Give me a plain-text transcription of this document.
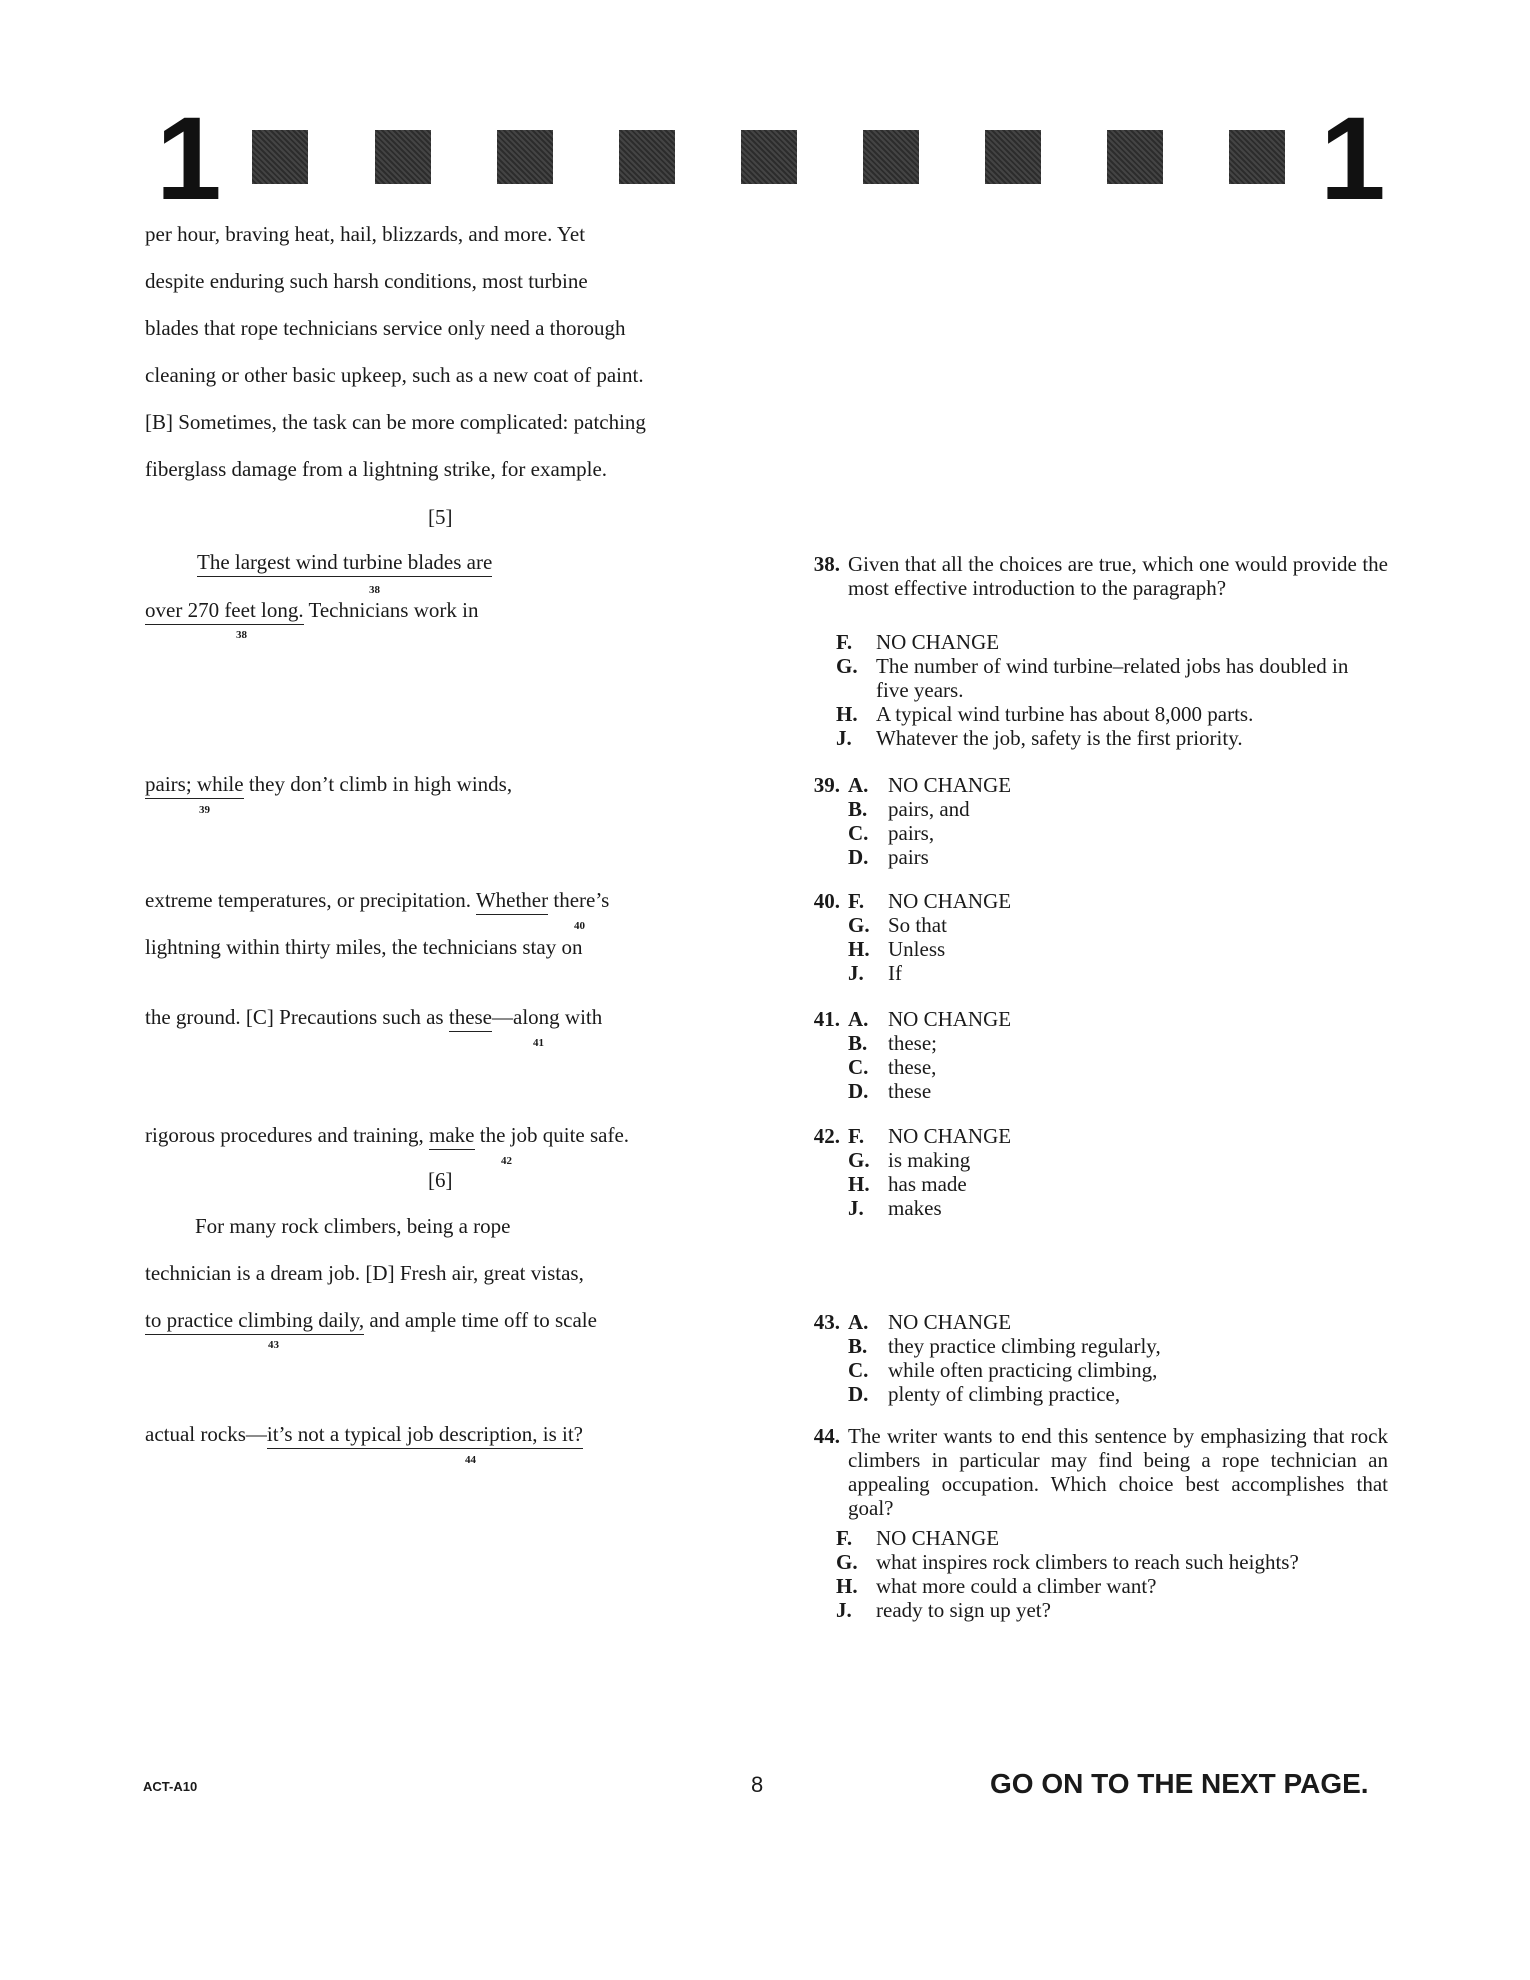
1	1
per hour, braving heat, hail, blizzards, and more. Yet
despite enduring such harsh conditions, most turbine
blades that rope technicians service only need a thorough
cleaning or other basic upkeep, such as a new coat of paint.
[B] Sometimes, the task can be more complicated: patching
fiberglass damage from a lightning strike, for example.
[5]
The largest wind turbine blades are
38
over 270 feet long. Technicians work in
38
pairs; while they don’t climb in high winds,
39
extreme temperatures, or precipitation. Whether there’s
40
lightning within thirty miles, the technicians stay on
the ground. [C] Precautions such as these—along with
41
rigorous procedures and training, make the job quite safe.
42
[6]
For many rock climbers, being a rope
technician is a dream job. [D] Fresh air, great vistas,
to practice climbing daily, and ample time off to scale
43
actual rocks—it’s not a typical job description, is it?
44
38. Given that all the choices are true, which one would provide the most effective introduction to the paragraph?
F. NO CHANGE
G. The number of wind turbine–related jobs has doubled in five years.
H. A typical wind turbine has about 8,000 parts.
J. Whatever the job, safety is the first priority.
39. A. NO CHANGE
B. pairs, and
C. pairs,
D. pairs
40. F. NO CHANGE
G. So that
H. Unless
J. If
41. A. NO CHANGE
B. these;
C. these,
D. these
42. F. NO CHANGE
G. is making
H. has made
J. makes
43. A. NO CHANGE
B. they practice climbing regularly,
C. while often practicing climbing,
D. plenty of climbing practice,
44. The writer wants to end this sentence by emphasizing that rock climbers in particular may find being a rope technician an appealing occupation. Which choice best accomplishes that goal?
F. NO CHANGE
G. what inspires rock climbers to reach such heights?
H. what more could a climber want?
J. ready to sign up yet?
ACT-A10	8	GO ON TO THE NEXT PAGE.
